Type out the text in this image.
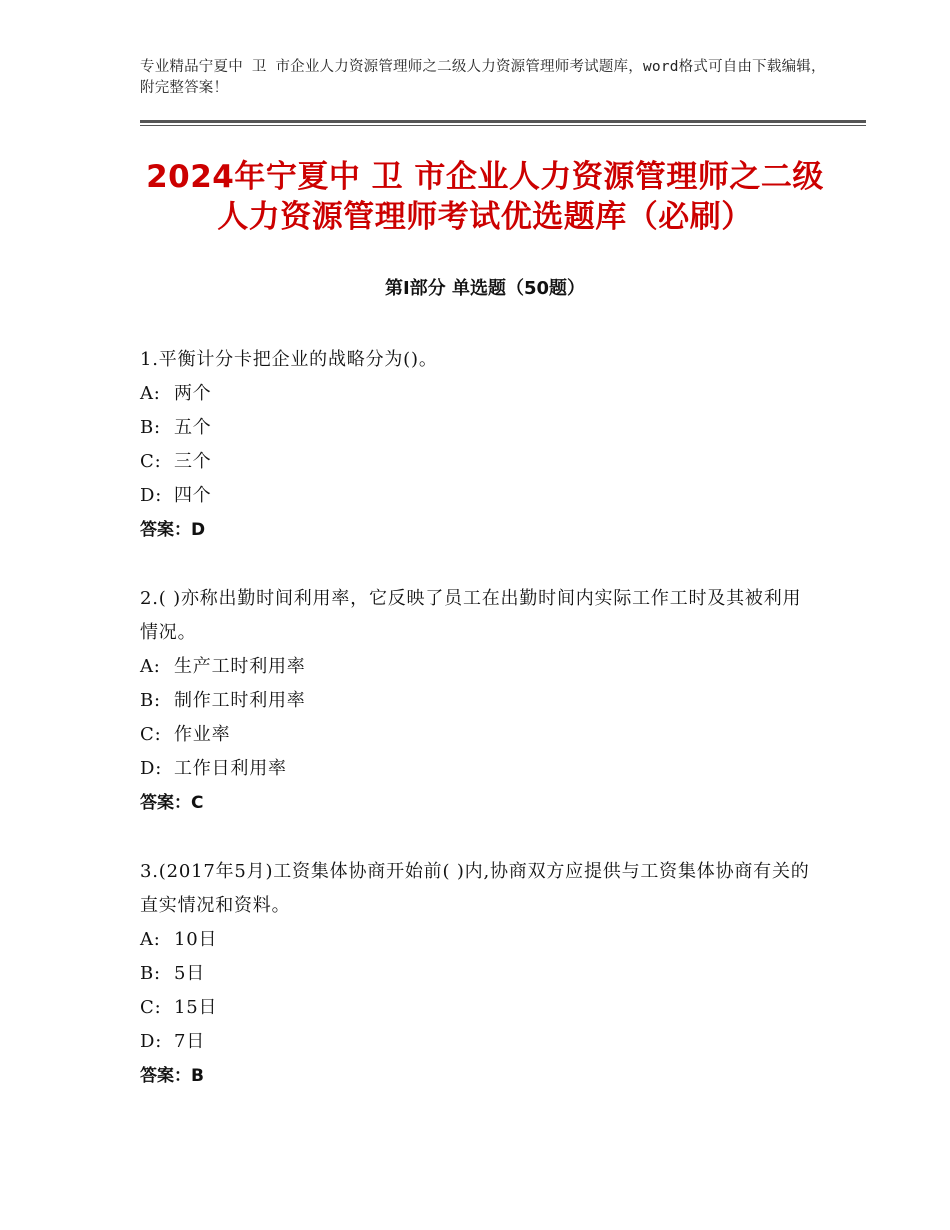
专业精品宁夏中 卫 市企业人力资源管理师之二级人力资源管理师考试题库，word格式可自由下载编辑，附完整答案！
2024年宁夏中 卫 市企业人力资源管理师之二级人力资源管理师考试优选题库（必刷）
第Ⅰ部分 单选题（50题）
1.平衡计分卡把企业的战略分为()。
A: 两个
B: 五个
C: 三个
D: 四个
答案：D
2.( )亦称出勤时间利用率，它反映了员工在出勤时间内实际工作工时及其被利用情况。
A: 生产工时利用率
B: 制作工时利用率
C: 作业率
D: 工作日利用率
答案：C
3.(2017年5月)工资集体协商开始前( )内,协商双方应提供与工资集体协商有关的直实情况和资料。
A: 10日
B: 5日
C: 15日
D: 7日
答案：B
